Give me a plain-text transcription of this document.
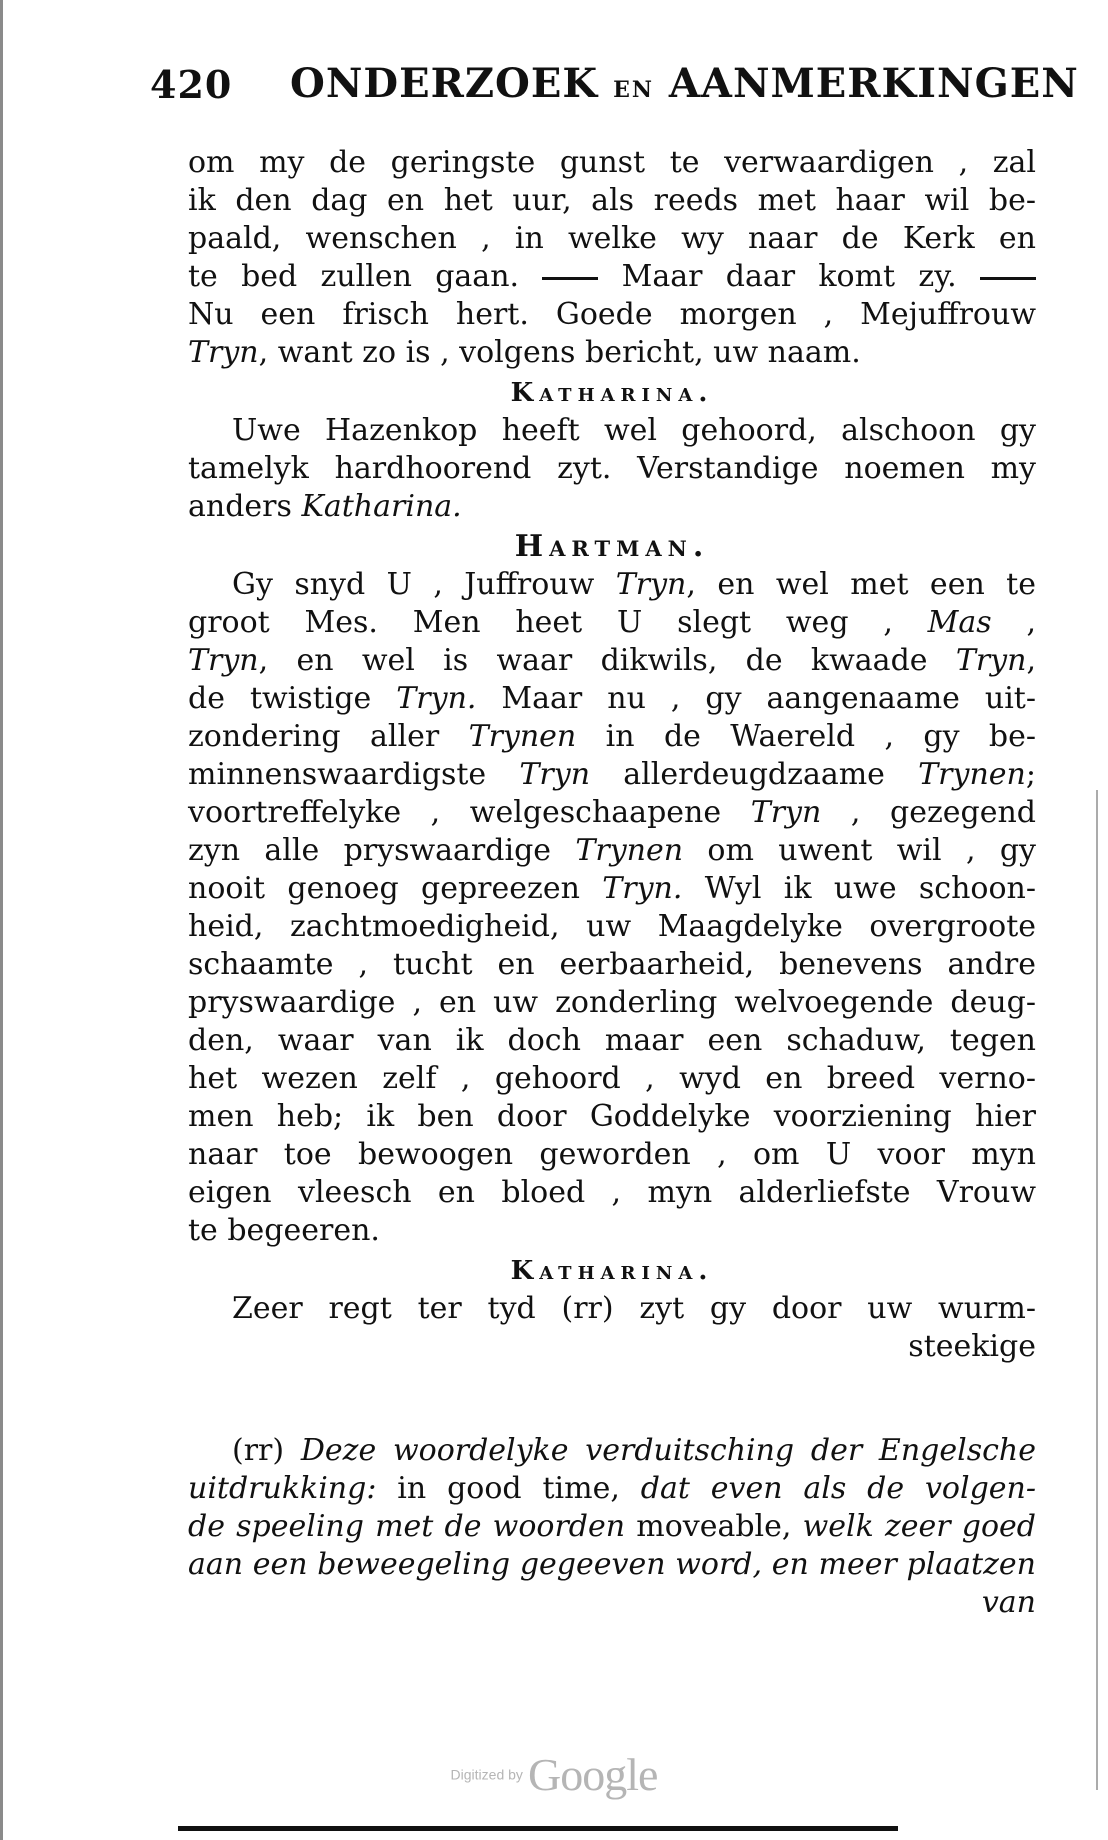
420 ONDERZOEK EN AANMERKINGEN
om my de geringste gunst te verwaardigen , zal
ik den dag en het uur, als reeds met haar wil be-
paald, wenschen , in welke wy naar de Kerk en
te bed zullen gaan.	Maar daar komt zy.
Nu een frisch hert. Goede morgen , Mejuffrouw
Tryn, want zo is , volgens bericht, uw naam.
Katharina.
Uwe Hazenkop heeft wel gehoord, alschoon gy
tamelyk hardhoorend zyt. Verstandige noemen my
anders Katharina.
Hartman.
Gy snyd U , Juffrouw Tryn, en wel met een te
groot Mes. Men heet U slegt weg , Mas ,
Tryn, en wel is waar dikwils, de kwaade Tryn,
de twistige Tryn. Maar nu , gy aangenaame uit-
zondering aller Trynen in de Waereld , gy be-
minnenswaardigste Tryn allerdeugdzaame Trynen;
voortreffelyke , welgeschaapene Tryn , gezegend
zyn alle pryswaardige Trynen om uwent wil , gy
nooit genoeg gepreezen Tryn. Wyl ik uwe schoon-
heid, zachtmoedigheid, uw Maagdelyke overgroote
schaamte , tucht en eerbaarheid, benevens andre
pryswaardige , en uw zonderling welvoegende deug-
den, waar van ik doch maar een schaduw, tegen
het wezen zelf , gehoord , wyd en breed verno-
men heb; ik ben door Goddelyke voorziening hier
naar toe bewoogen geworden , om U voor myn
eigen vleesch en bloed , myn alderliefste Vrouw
te begeeren.
Katharina.
Zeer regt ter tyd (rr) zyt gy door uw wurm-
steekige
(rr) Deze woordelyke verduitsching der Engelsche
uitdrukking: in good time, dat even als de volgen-
de speeling met de woorden moveable, welk zeer goed
aan een beweegeling gegeeven word, en meer plaatzen
van
Digitized by Google
